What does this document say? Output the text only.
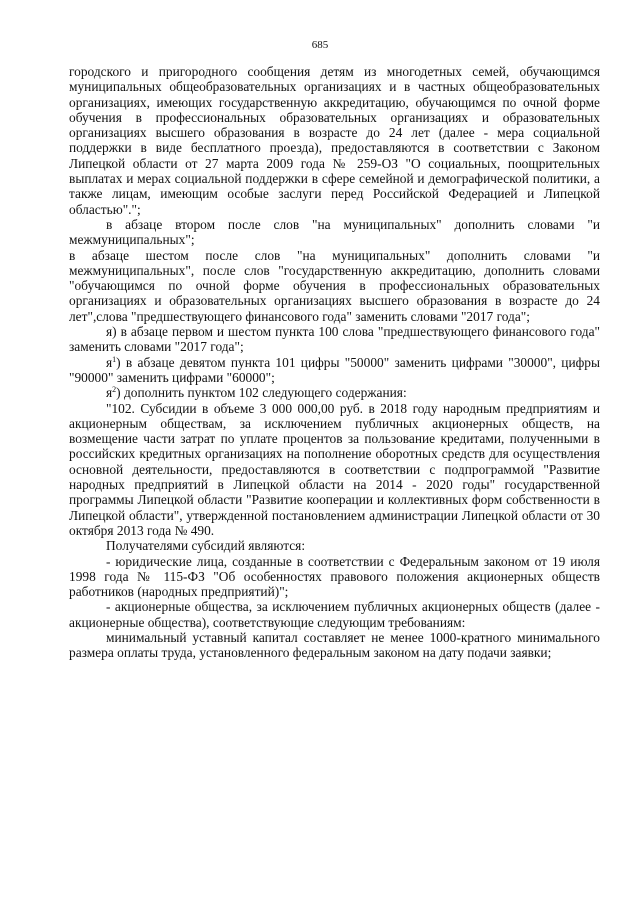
685

городского и пригородного сообщения детям из многодетных семей, обучающимся муниципальных общеобразовательных организациях и в частных общеобразовательных организациях, имеющих государственную аккредитацию, обучающимся по очной форме обучения в профессиональных образовательных организациях и образовательных организациях высшего образования в возрасте до 24 лет (далее - мера социальной поддержки в виде бесплатного проезда), предоставляются в соответствии с Законом Липецкой области от 27 марта 2009 года № 259-ОЗ "О социальных, поощрительных выплатах и мерах социальной поддержки в сфере семейной и демографической политики, а также лицам, имеющим особые заслуги перед Российской Федерацией и Липецкой областью".";

в абзаце втором после слов "на муниципальных" дополнить словами "и межмуниципальных";

в абзаце шестом после слов "на муниципальных" дополнить словами "и межмуниципальных", после слов "государственную аккредитацию, дополнить словами "обучающимся по очной форме обучения в профессиональных образовательных организациях и образовательных организациях высшего образования в возрасте до 24 лет",слова "предшествующего финансового года" заменить словами "2017 года";

я) в абзаце первом и шестом пункта 100 слова "предшествующего финансового года" заменить словами "2017 года";

$я^1$) в абзаце девятом пункта 101 цифры "50000" заменить цифрами "30000", цифры "90000" заменить цифрами "60000";

$я^2$) дополнить пунктом 102 следующего содержания:

"102. Субсидии в объеме 3 000 000,00 руб. в 2018 году народным предприятиям и акционерным обществам, за исключением публичных акционерных обществ, на возмещение части затрат по уплате процентов за пользование кредитами, полученными в российских кредитных организациях на пополнение оборотных средств для осуществления основной деятельности, предоставляются в соответствии с подпрограммой "Развитие народных предприятий в Липецкой области на 2014 - 2020 годы" государственной программы Липецкой области "Развитие кооперации и коллективных форм собственности в Липецкой области", утвержденной постановлением администрации Липецкой области от 30 октября 2013 года № 490.

Получателями субсидий являются:

- юридические лица, созданные в соответствии с Федеральным законом от 19 июля 1998 года № 115-ФЗ "Об особенностях правового положения акционерных обществ работников (народных предприятий)";

- акционерные общества, за исключением публичных акционерных обществ (далее - акционерные общества), соответствующие следующим требованиям:

минимальный уставный капитал составляет не менее 1000-кратного минимального размера оплаты труда, установленного федеральным законом на дату подачи заявки;
